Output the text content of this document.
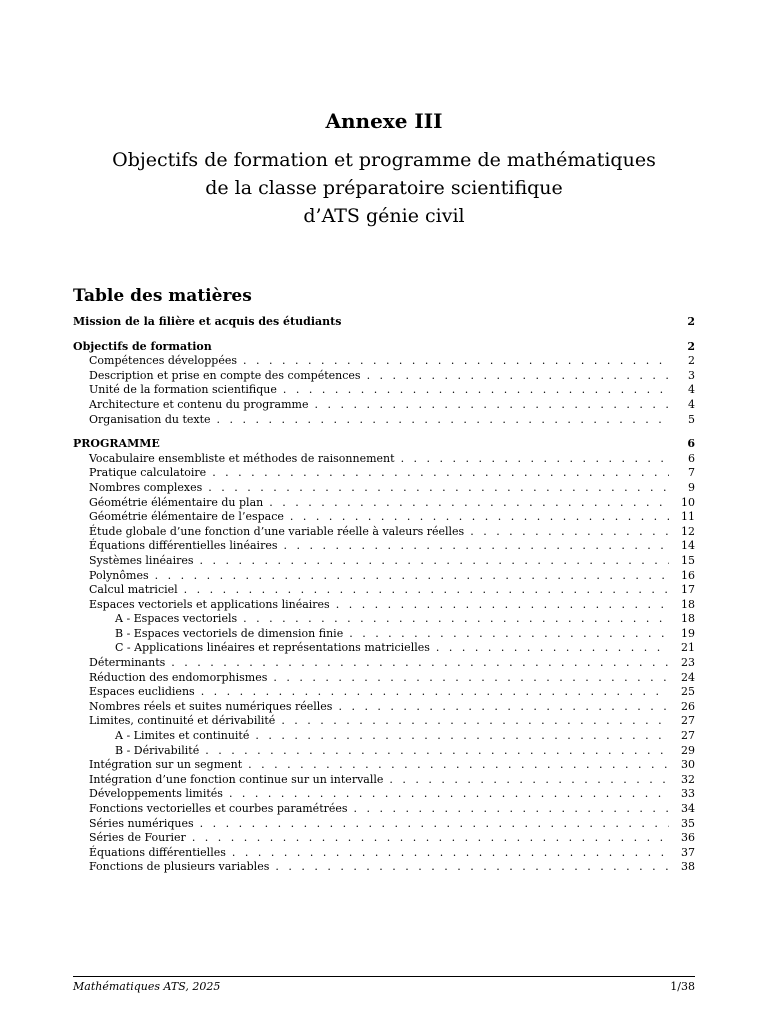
Annexe III

Objectifs de formation et programme de mathématiques

de la classe préparatoire scientifique

d’ATS génie civil

Table des matières
Mission de la filière et acquis des étudiants	2
Objectifs de formation	2
Compétences développées . . .	2
Description et prise en compte des compétences . . .	3
Unité de la formation scientifique . . .	4
Architecture et contenu du programme . . .	4
Organisation du texte . . .	5
PROGRAMME	6
Vocabulaire ensembliste et méthodes de raisonnement . . .	6
Pratique calculatoire . . .	7
Nombres complexes . . .	9
Géométrie élémentaire du plan . . .	10
Géométrie élémentaire de l’espace . . .	11
Étude globale d’une fonction d’une variable réelle à valeurs réelles . . .	12
Équations différentielles linéaires . . .	14
Systèmes linéaires . . .	15
Polynômes . . .	16
Calcul matriciel . . .	17
Espaces vectoriels et applications linéaires . . .	18
A - Espaces vectoriels . . .	18
B - Espaces vectoriels de dimension finie . . .	19
C - Applications linéaires et représentations matricielles . . .	21
Déterminants . . .	23
Réduction des endomorphismes . . .	24
Espaces euclidiens . . .	25
Nombres réels et suites numériques réelles . . .	26
Limites, continuité et dérivabilité . . .	27
A - Limites et continuité . . .	27
B - Dérivabilité . . .	29
Intégration sur un segment . . .	30
Intégration d’une fonction continue sur un intervalle . . .	32
Développements limités . . .	33
Fonctions vectorielles et courbes paramétrées . . .	34
Séries numériques . . .	35
Séries de Fourier . . .	36
Équations différentielles . . .	37
Fonctions de plusieurs variables . . .	38
Mathématiques ATS, 2025	1/38
